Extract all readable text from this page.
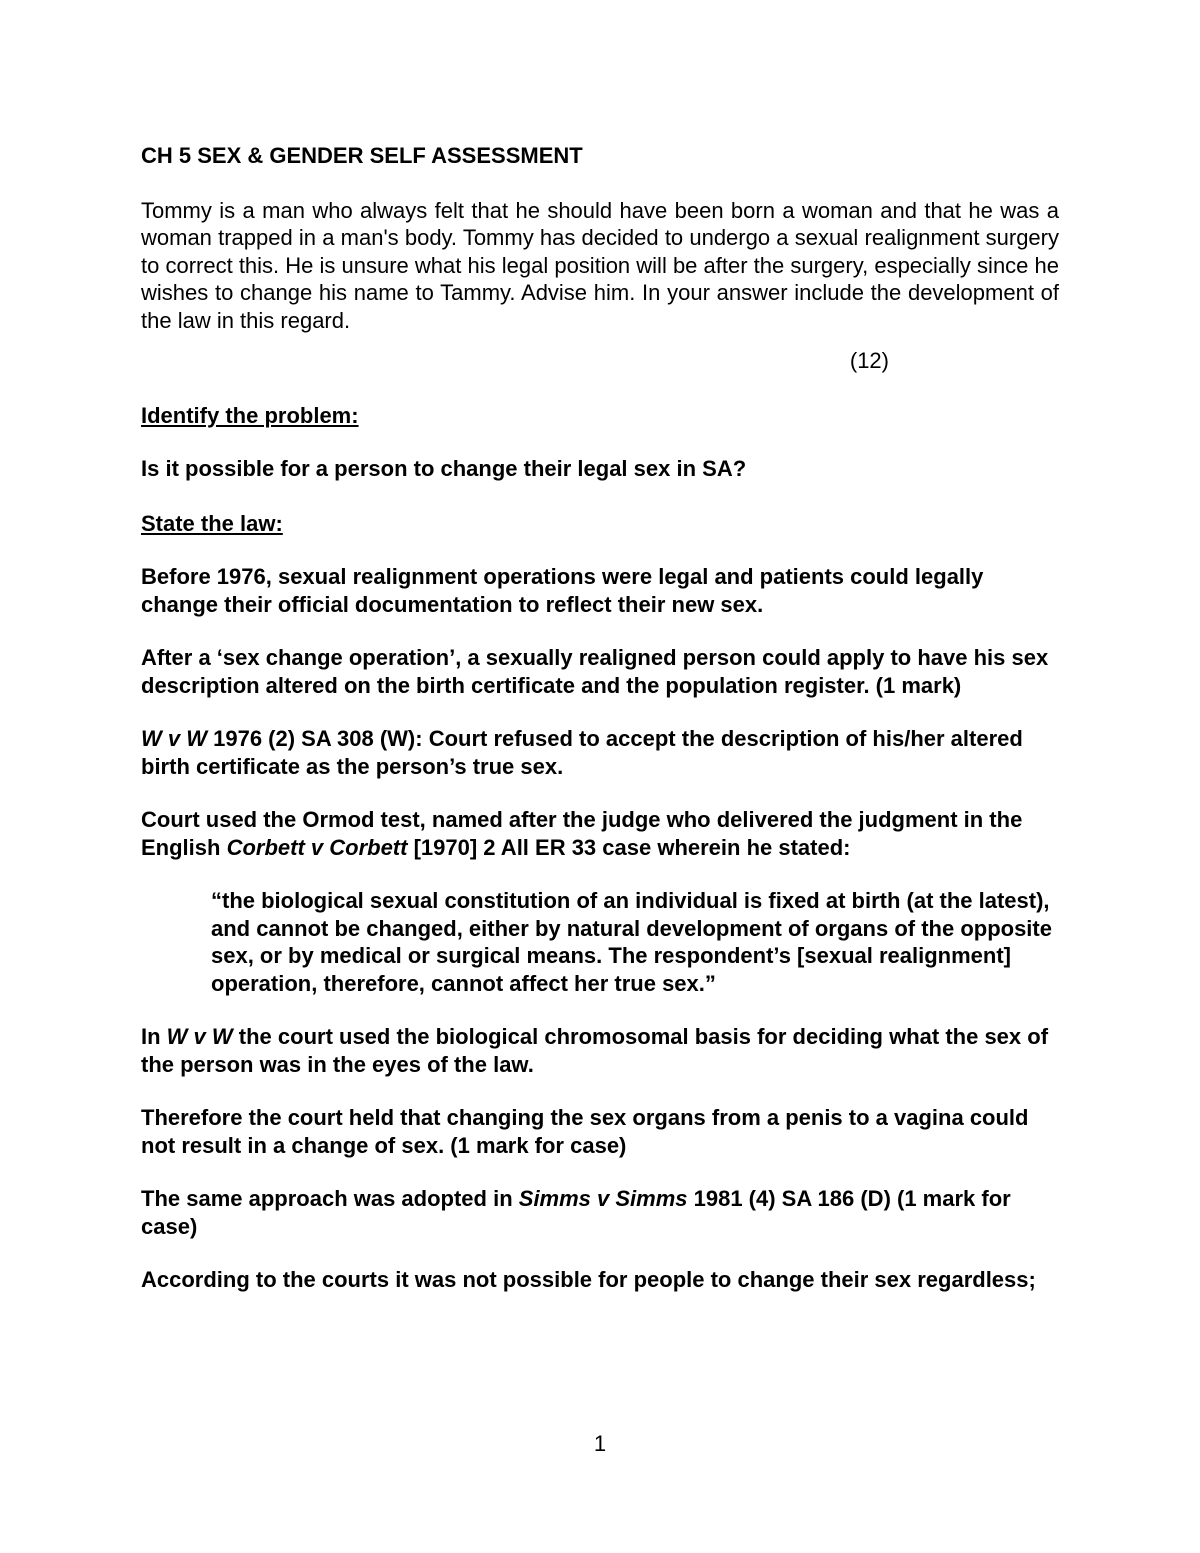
CH 5 SEX & GENDER SELF ASSESSMENT

Tommy is a man who always felt that he should have been born a woman and that he was a woman trapped in a man's body. Tommy has decided to undergo a sexual realignment surgery to correct this. He is unsure what his legal position will be after the surgery, especially since he wishes to change his name to Tammy. Advise him. In your answer include the development of the law in this regard.

(12)

Identify the problem:

Is it possible for a person to change their legal sex in SA?

State the law:

Before 1976, sexual realignment operations were legal and patients could legally change their official documentation to reflect their new sex.

After a ‘sex change operation’, a sexually realigned person could apply to have his sex description altered on the birth certificate and the population register. (1 mark)

W v W 1976 (2) SA 308 (W): Court refused to accept the description of his/her altered birth certificate as the person’s true sex.

Court used the Ormod test, named after the judge who delivered the judgment in the English Corbett v Corbett [1970] 2 All ER 33 case wherein he stated:

“the biological sexual constitution of an individual is fixed at birth (at the latest), and cannot be changed, either by natural development of organs of the opposite sex, or by medical or surgical means. The respondent’s [sexual realignment] operation, therefore, cannot affect her true sex.”

In W v W the court used the biological chromosomal basis for deciding what the sex of the person was in the eyes of the law.

Therefore the court held that changing the sex organs from a penis to a vagina could not result in a change of sex. (1 mark for case)

The same approach was adopted in Simms v Simms 1981 (4) SA 186 (D) (1 mark for case)

According to the courts it was not possible for people to change their sex regardless;

1
